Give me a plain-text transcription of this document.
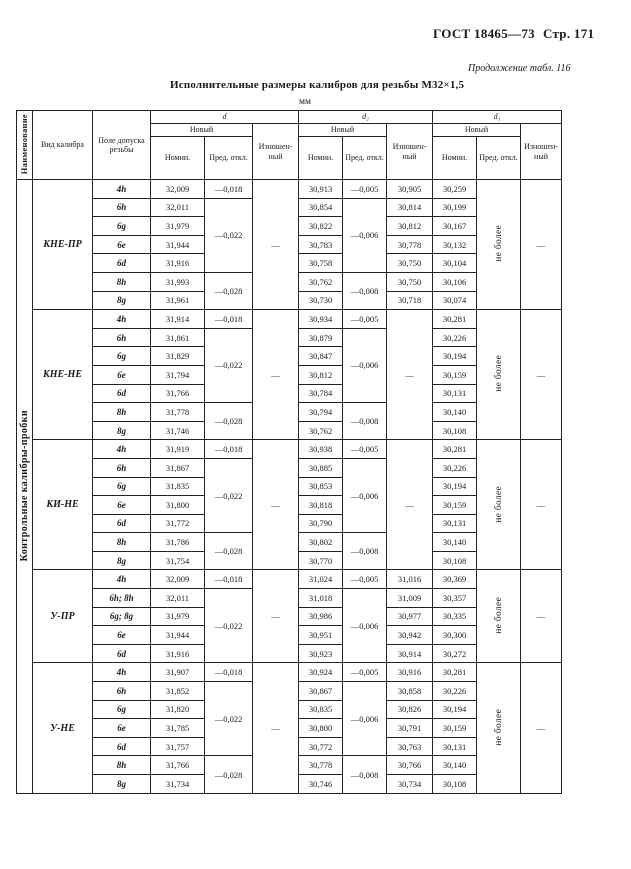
ГОСТ 18465—73 Стр. 171
Продолжение табл. 116
Исполнительные размеры калибров для резьбы М32×1,5
мм
Наименование	Вид калибра	Поле допуска резьбы	d			d₂			d₁		
			Новый		Изношен- ный	Новый		Изношен- ный	Новый		Изношен- ный
			Номин.	Пред. откл.		Номин.	Пред. откл.		Номин.	Пред. откл.	
Контрольные калибры-пробки	КНЕ-ПР	4h	32,009	—0,018	—	30,913	—0,005	30,905	30,259	не более	—
		6h	32,011	—0,022		30,854	—0,006	30,814	30,199		
		6g	31,979			30,822		30,812	30,167		
		6e	31,944			30,783		30,778	30,132		
		6d	31,916			30,758		30,750	30,104		
		8h	31,993	—0,028		30,762	—0,008	30,750	30,106		
		8g	31,961			30,730		30,718	30,074		
	КНЕ-НЕ	4h	31,914	—0,018	—	30,934	—0,005	—	30,281	не более	—
		6h	31,861	—0,022		30,879	—0,006		30,226		
		6g	31,829			30,847			30,194		
		6e	31,794			30,812			30,159		
		6d	31,766			30,784			30,131		
		8h	31,778	—0,028		30,794	—0,008		30,140		
		8g	31,746			30,762			30,108		
	КИ-НЕ	4h	31,919	—0,018	—	30,938	—0,005	—	30,281	не более	—
		6h	31,867	—0,022		30,885	—0,006		30,226		
		6g	31,835			30,853			30,194		
		6e	31,800			30,818			30,159		
		6d	31,772			30,790			30,131		
		8h	31,786	—0,028		30,802	—0,008		30,140		
		8g	31,754			30,770			30,108		
	У-ПР	4h	32,009	—0,018	—	31,024	—0,005	31,016	30,369	не более	—
		6h; 8h	32,011	—0,022		31,018	—0,006	31,009	30,357		
		6g; 8g	31,979			30,986		30,977	30,335		
		6e	31,944			30,951		30,942	30,300		
		6d	31,916			30,923		30,914	30,272		
	У-НЕ	4h	31,907	—0,018	—	30,924	—0,005	30,916	30,281	не более	—
		6h	31,852	—0,022		30,867	—0,006	30,858	30,226		
		6g	31,820			30,835		30,826	30,194		
		6e	31,785			30,800		30,791	30,159		
		6d	31,757			30,772		30,763	30,131		
		8h	31,766	—0,028		30,778	—0,008	30,766	30,140		
		8g	31,734			30,746		30,734	30,108		
